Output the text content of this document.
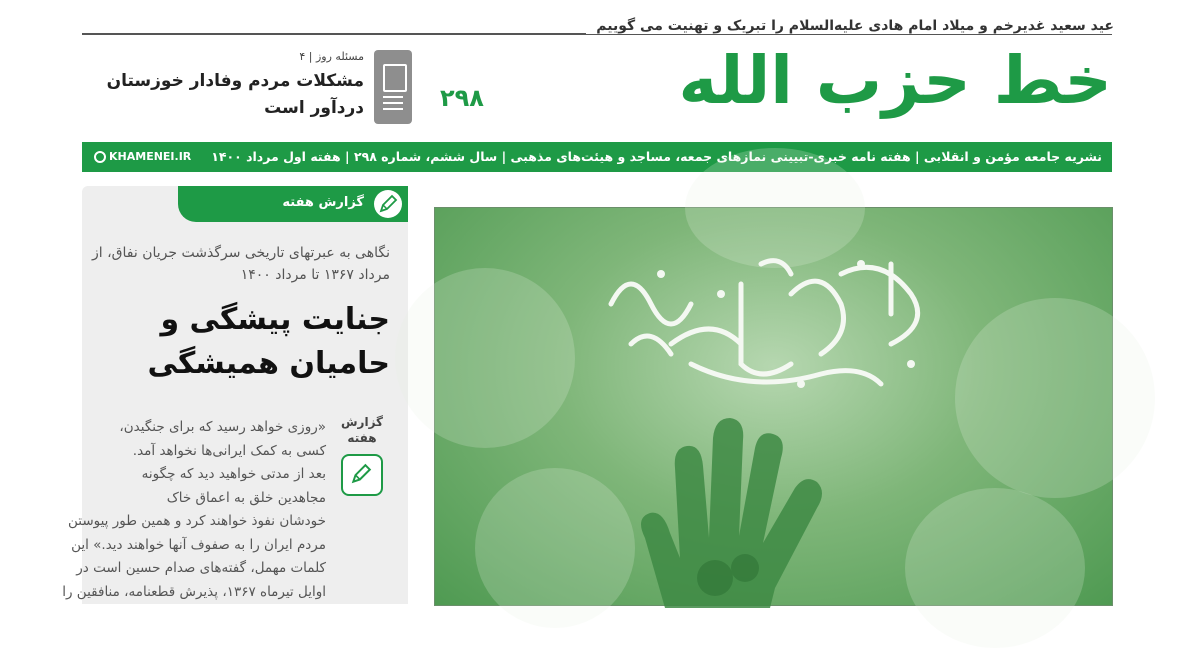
عید سعید غدیرخم و میلاد امام هادی علیه‌السلام را تبریک و تهنیت می گوییم
خط حزب الله
۲۹۸
مسئله روز | ۴
مشکلات مردم وفادار خوزستان دردآور است
نشریه جامعه مؤمن و انقلابی | هفته نامه خبری-تبیینی نمازهای جمعه، مساجد و هیئت‌های مذهبی | سال ششم، شماره ۲۹۸ | هفته اول مرداد ۱۴۰۰
KHAMENEI.IR
گزارش هفته
نگاهی به عبرتهای تاریخی سرگذشت جریان نفاق، از مرداد ۱۳۶۷ تا مرداد ۱۴۰۰
جنایت پیشگی و حامیان همیشگی
گزارش هفته
«روزی خواهد رسید که برای جنگیدن،
کسی به کمک ایرانی‌ها نخواهد آمد.
بعد از مدتی خواهید دید که چگونه
مجاهدین خلق به اعماق خاک
خودشان نفوذ خواهند کرد و همین طور پیوستن
مردم ایران را به صفوف آنها خواهند دید.» این
کلمات مهمل، گفته‌های صدام حسین است در
اوایل تیرماه ۱۳۶۷، پذیرش قطعنامه، منافقین را
